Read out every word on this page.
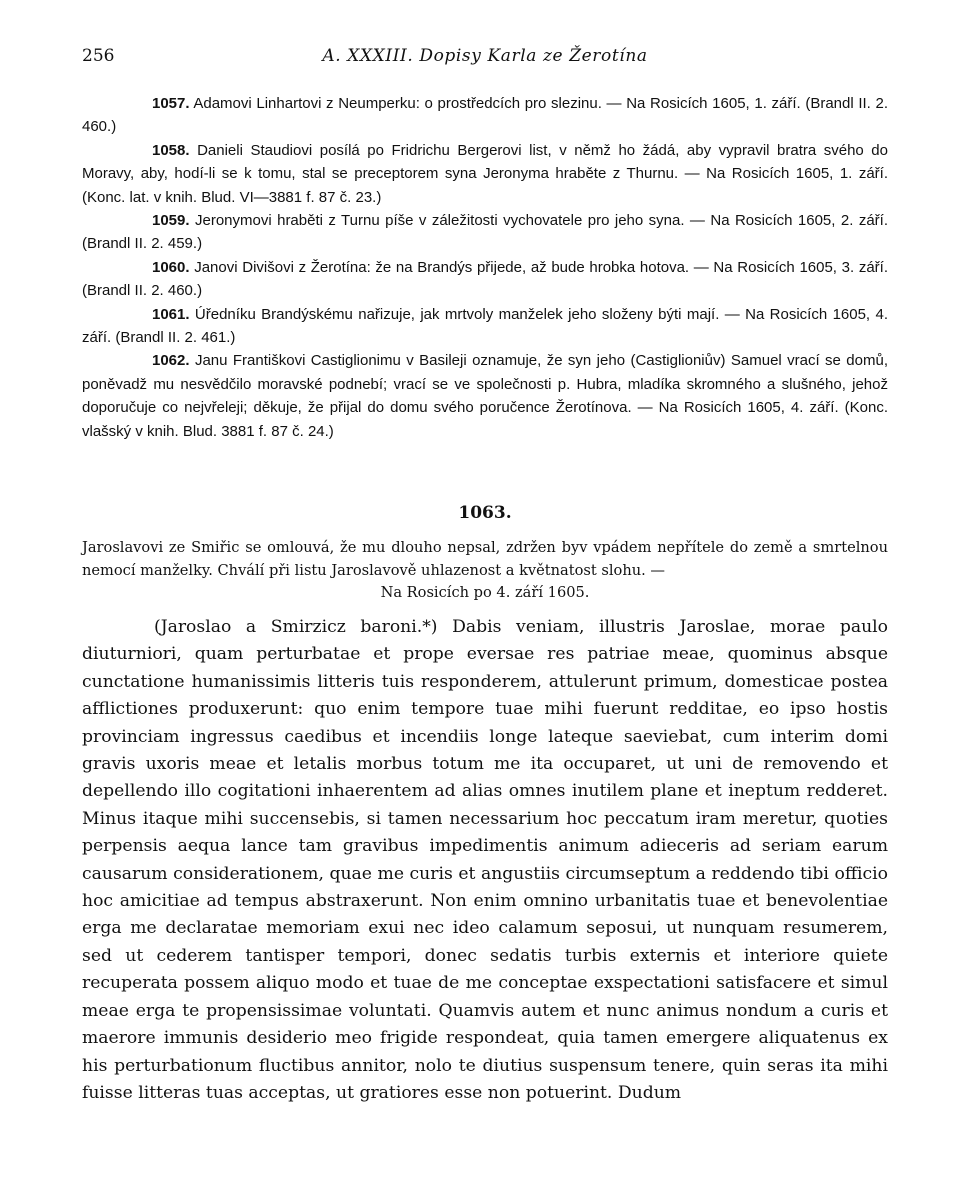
256	A. XXXIII. Dopisy Karla ze Žerotína

1057. Adamovi Linhartovi z Neumperku: o prostředcích pro slezinu. — Na Rosicích 1605, 1. září. (Brandl II. 2. 460.)

1058. Danieli Staudiovi posílá po Fridrichu Bergerovi list, v němž ho žádá, aby vypravil bratra svého do Moravy, aby, hodí-li se k tomu, stal se preceptorem syna Jeronyma hraběte z Thurnu. — Na Rosicích 1605, 1. září. (Konc. lat. v knih. Blud. VI—3881 f. 87 č. 23.)

1059. Jeronymovi hraběti z Turnu píše v záležitosti vychovatele pro jeho syna. — Na Rosicích 1605, 2. září. (Brandl II. 2. 459.)

1060. Janovi Divišovi z Žerotína: že na Brandýs přijede, až bude hrobka hotova. — Na Rosicích 1605, 3. září. (Brandl II. 2. 460.)

1061. Úředníku Brandýskému nařizuje, jak mrtvoly manželek jeho složeny býti mají. — Na Rosicích 1605, 4. září. (Brandl II. 2. 461.)

1062. Janu Františkovi Castiglionimu v Basileji oznamuje, že syn jeho (Castiglioniův) Samuel vrací se domů, poněvadž mu nesvědčilo moravské podnebí; vrací se ve společnosti p. Hubra, mladíka skromného a slušného, jehož doporučuje co nejvřeleji; děkuje, že přijal do domu svého poručence Žerotínova. — Na Rosicích 1605, 4. září. (Konc. vlašský v knih. Blud. 3881 f. 87 č. 24.)

1063.
Jaroslavovi ze Smiřic se omlouvá, že mu dlouho nepsal, zdržen byv vpádem nepřítele do země a smrtelnou nemocí manželky. Chválí při listu Jaroslavově uhlazenost a květnatost slohu. —
Na Rosicích po 4. září 1605.

(Jaroslao a Smirzicz baroni.*) Dabis veniam, illustris Jaroslae, morae paulo diuturniori, quam perturbatae et prope eversae res patriae meae, quominus absque cunctatione humanissimis litteris tuis responderem, attulerunt primum, domesticae postea afflictiones produxerunt: quo enim tempore tuae mihi fuerunt redditae, eo ipso hostis provinciam ingressus caedibus et incendiis longe lateque saeviebat, cum interim domi gravis uxoris meae et letalis morbus totum me ita occuparet, ut uni de removendo et depellendo illo cogitationi inhaerentem ad alias omnes inutilem plane et ineptum redderet. Minus itaque mihi succensebis, si tamen necessarium hoc peccatum iram meretur, quoties perpensis aequa lance tam gravibus impedimentis animum adieceris ad seriam earum causarum considerationem, quae me curis et angustiis circumseptum a reddendo tibi officio hoc amicitiae ad tempus abstraxerunt. Non enim omnino urbanitatis tuae et benevolentiae erga me declaratae memoriam exui nec ideo calamum seposui, ut nunquam resumerem, sed ut cederem tantisper tempori, donec sedatis turbis externis et interiore quiete recuperata possem aliquo modo et tuae de me conceptae exspectationi satisfacere et simul meae erga te propensissimae voluntati. Quamvis autem et nunc animus nondum a curis et maerore immunis desiderio meo frigide respondeat, quia tamen emergere aliquatenus ex his perturbationum fluctibus annitor, nolo te diutius suspensum tenere, quin seras ita mihi fuisse litteras tuas acceptas, ut gratiores esse non potuerint. Dudum
